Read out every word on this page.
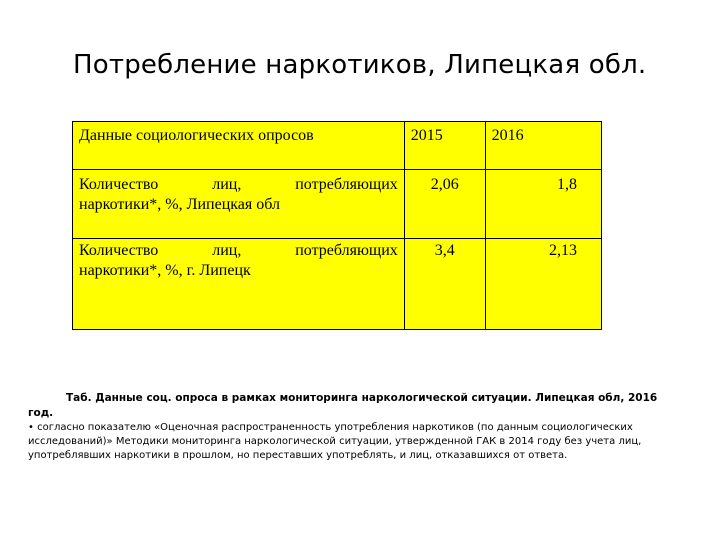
Потребление наркотиков, Липецкая обл.
Данные социологических опросов	2015	2016

Количество лиц, потребляющих
наркотики*, %, Липецкая обл	2,06	1,8

Количество лиц, потребляющих
наркотики*, %, г. Липецк	3,4	2,13

Таб. Данные соц. опроса в рамках мониторинга наркологической ситуации. Липецкая обл, 2016 год.

• согласно показателю «Оценочная распространенность употребления наркотиков (по данным социологических исследований)» Методики мониторинга наркологической ситуации, утвержденной ГАК в 2014 году без учета лиц, употреблявших наркотики в прошлом, но переставших употреблять, и лиц, отказавшихся от ответа.
